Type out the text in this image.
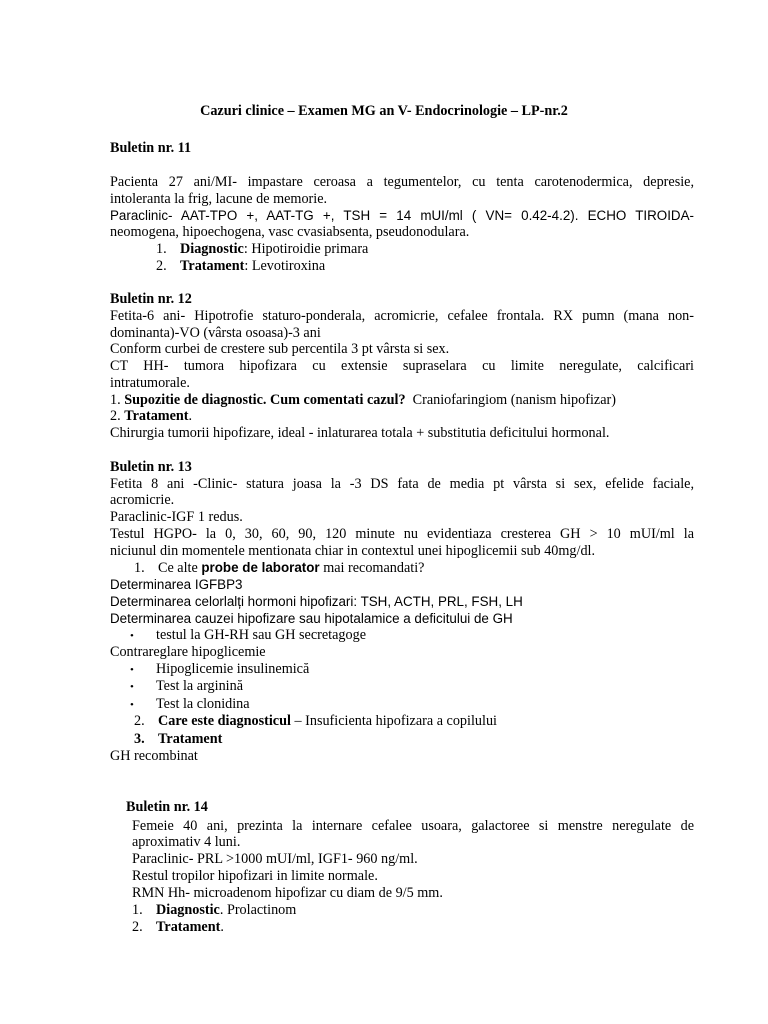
Cazuri clinice – Examen MG an V- Endocrinologie – LP-nr.2
Buletin nr. 11
Pacienta 27 ani/MI- impastare ceroasa a tegumentelor, cu tenta carotenodermica, depresie,
intoleranta la frig, lacune de memorie.
Paraclinic- AAT-TPO +, AAT-TG +, TSH = 14 mUI/ml ( VN= 0.42-4.2). ECHO TIROIDA-
neomogena, hipoechogena, vasc cvasiabsenta, pseudonodulara.
1. Diagnostic: Hipotiroidie primara
2. Tratament: Levotiroxina
Buletin nr. 12
Fetita-6 ani- Hipotrofie staturo-ponderala, acromicrie, cefalee frontala. RX pumn (mana non-
dominanta)-VO (vârsta osoasa)-3 ani
Conform curbei de crestere sub percentila 3 pt vârsta si sex.
CT HH- tumora hipofizara cu extensie supraselara cu limite neregulate, calcificari
intratumorale.
1. Supozitie de diagnostic. Cum comentati cazul? Craniofaringiom (nanism hipofizar)
2. Tratament.
Chirurgia tumorii hipofizare, ideal - inlaturarea totala + substitutia deficitului hormonal.
Buletin nr. 13
Fetita 8 ani -Clinic- statura joasa la -3 DS fata de media pt vârsta si sex, efelide faciale,
acromicrie.
Paraclinic-IGF 1 redus.
Testul HGPO- la 0, 30, 60, 90, 120 minute nu evidentiaza cresterea GH > 10 mUI/ml la
niciunul din momentele mentionata chiar in contextul unei hipoglicemii sub 40mg/dl.
1. Ce alte probe de laborator mai recomandati?
Determinarea IGFBP3
Determinarea celorlalți hormoni hipofizari: TSH, ACTH, PRL, FSH, LH
Determinarea cauzei hipofizare sau hipotalamice a deficitului de GH
• testul la GH-RH sau GH secretagoge
Contrareglare hipoglicemie
• Hipoglicemie insulinemică
• Test la arginină
• Test la clonidina
2. Care este diagnosticul – Insuficienta hipofizara a copilului
3. Tratament
GH recombinat
Buletin nr. 14
Femeie 40 ani, prezinta la internare cefalee usoara, galactoree si menstre neregulate de
aproximativ 4 luni.
Paraclinic- PRL >1000 mUI/ml, IGF1- 960 ng/ml.
Restul tropilor hipofizari in limite normale.
RMN Hh- microadenom hipofizar cu diam de 9/5 mm.
1. Diagnostic. Prolactinom
2. Tratament.
